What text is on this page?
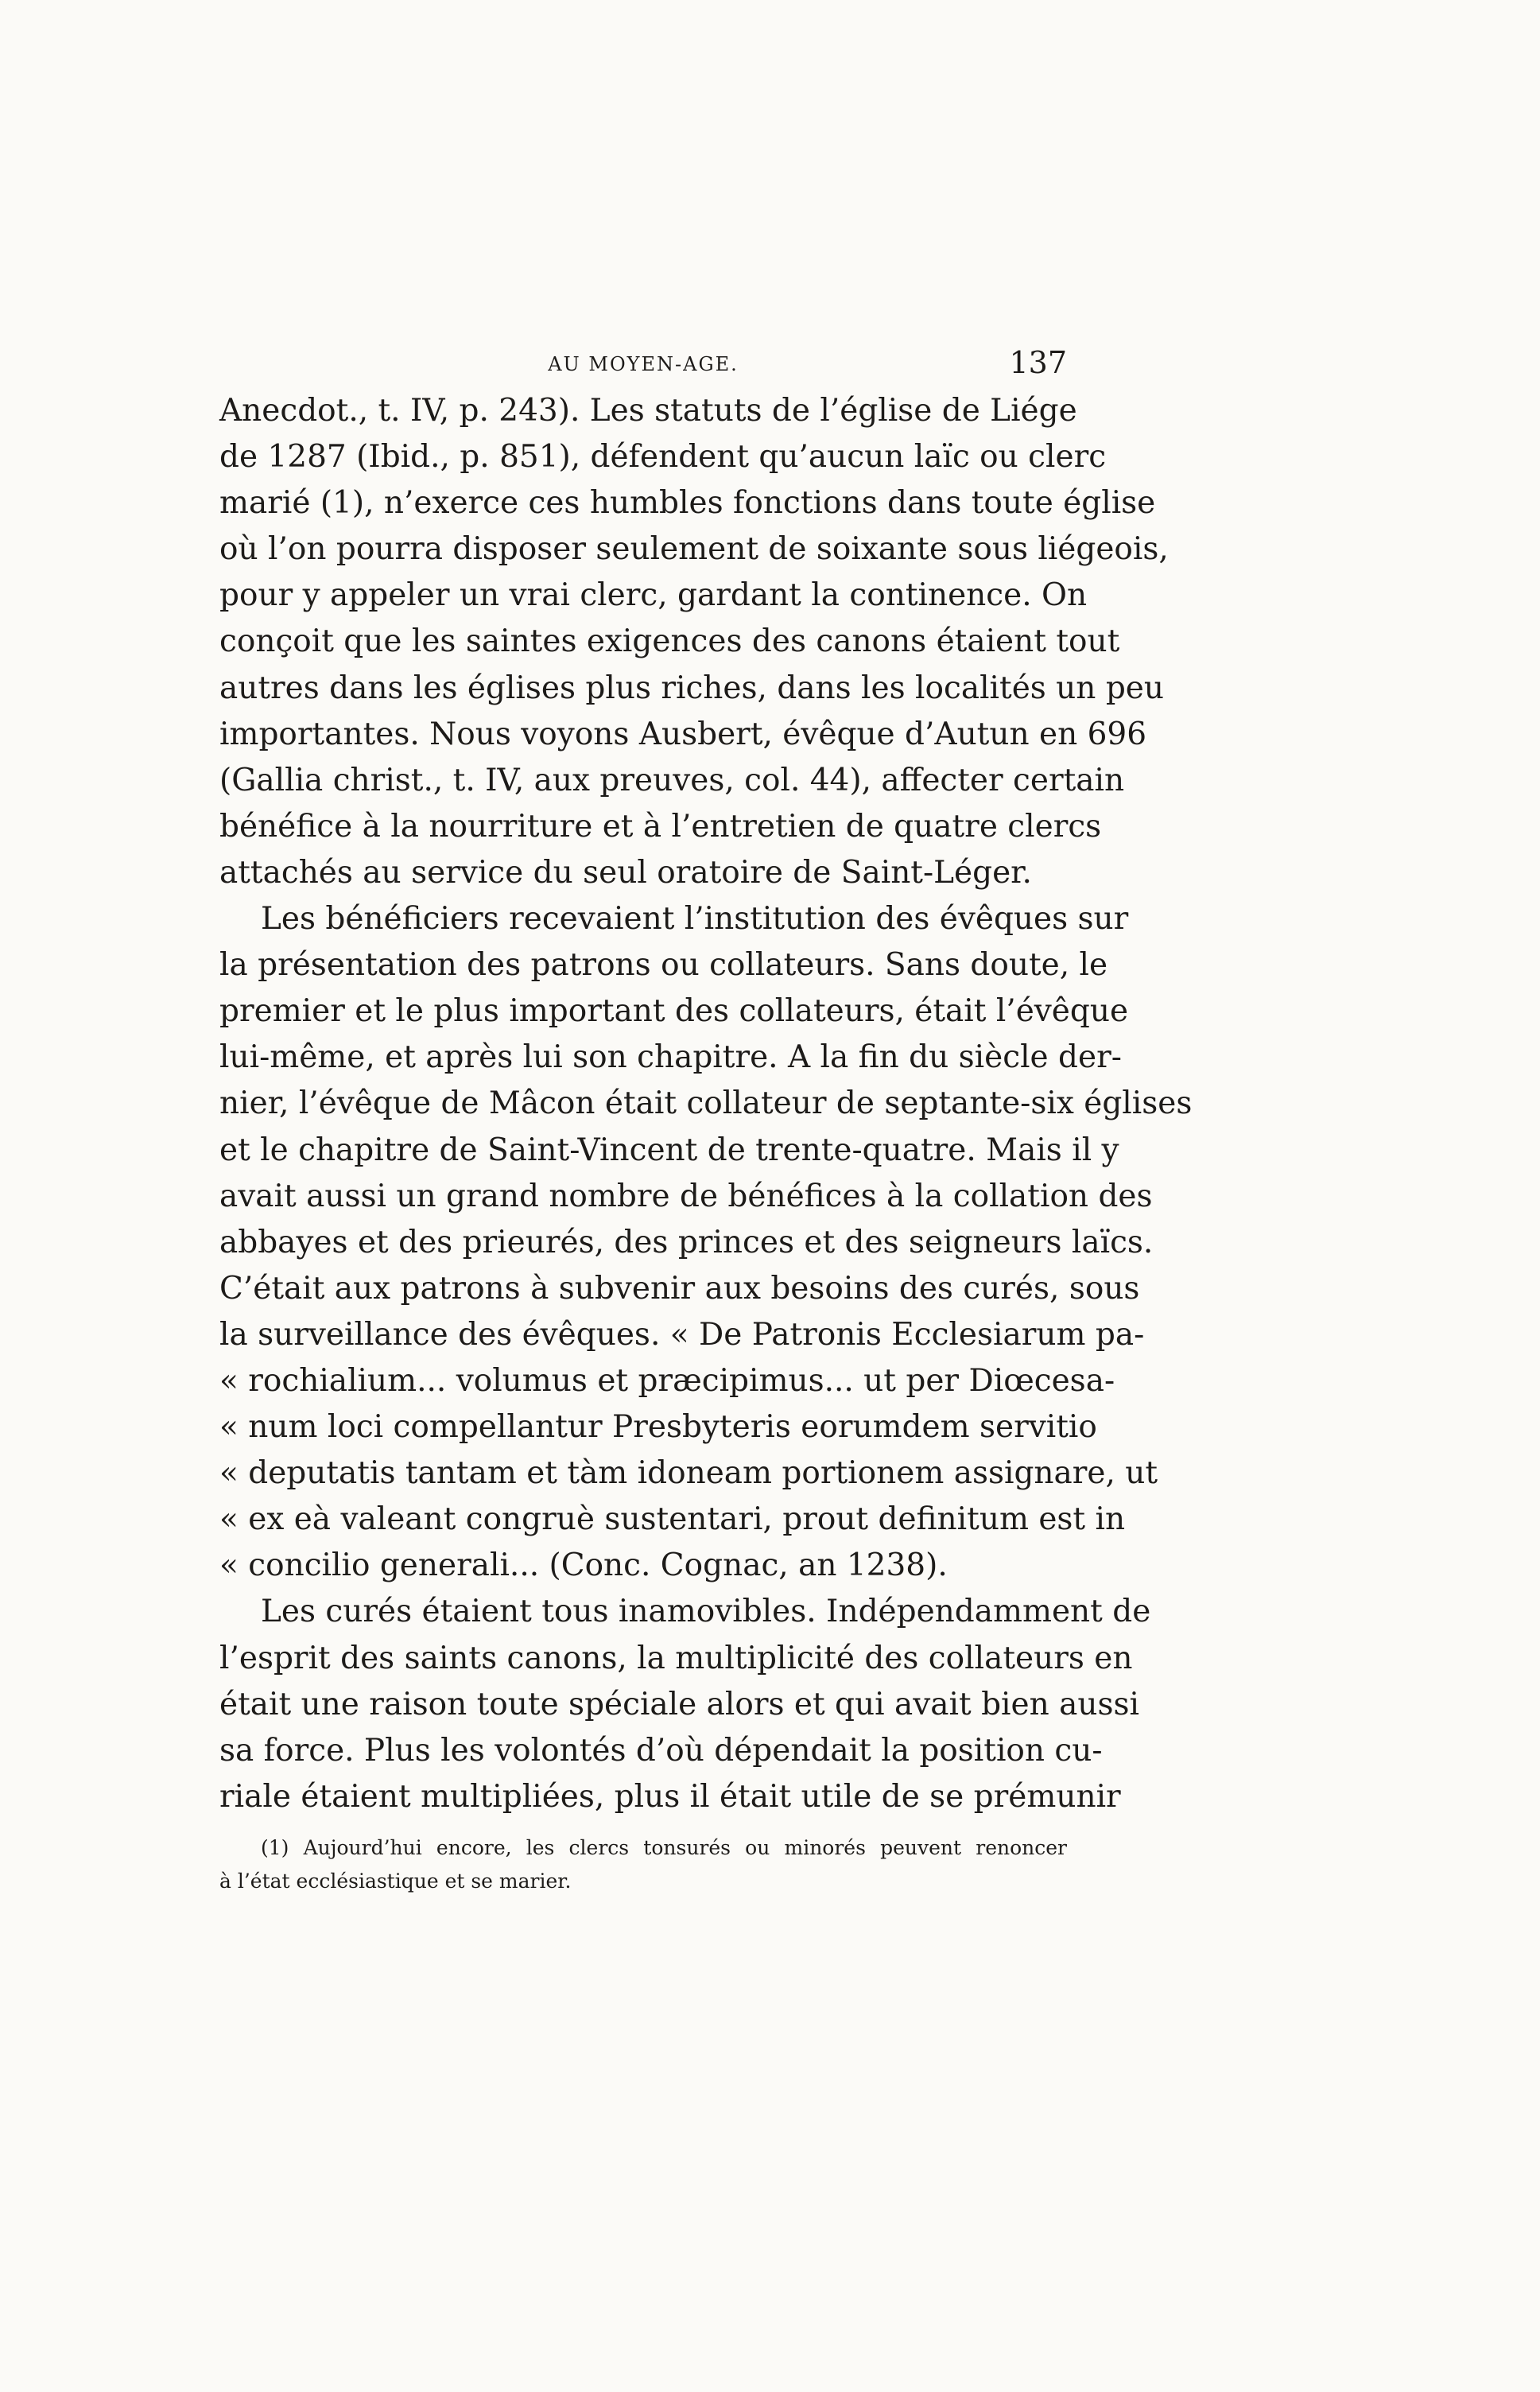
AU MOYEN-AGE.	137
Anecdot., t. IV, p. 243). Les statuts de l’église de Liége
de 1287 (Ibid., p. 851), défendent qu’aucun laïc ou clerc
marié (1), n’exerce ces humbles fonctions dans toute église
où l’on pourra disposer seulement de soixante sous liégeois,
pour y appeler un vrai clerc, gardant la continence. On
conçoit que les saintes exigences des canons étaient tout
autres dans les églises plus riches, dans les localités un peu
importantes. Nous voyons Ausbert, évêque d’Autun en 696
(Gallia christ., t. IV, aux preuves, col. 44), affecter certain
bénéfice à la nourriture et à l’entretien de quatre clercs
attachés au service du seul oratoire de Saint-Léger.
Les bénéficiers recevaient l’institution des évêques sur
la présentation des patrons ou collateurs. Sans doute, le
premier et le plus important des collateurs, était l’évêque
lui-même, et après lui son chapitre. A la fin du siècle der-
nier, l’évêque de Mâcon était collateur de septante-six églises
et le chapitre de Saint-Vincent de trente-quatre. Mais il y
avait aussi un grand nombre de bénéfices à la collation des
abbayes et des prieurés, des princes et des seigneurs laïcs.
C’était aux patrons à subvenir aux besoins des curés, sous
la surveillance des évêques. « De Patronis Ecclesiarum pa-
« rochialium... volumus et præcipimus... ut per Diœcesa-
« num loci compellantur Presbyteris eorumdem servitio
« deputatis tantam et tàm idoneam portionem assignare, ut
« ex eà valeant congruè sustentari, prout definitum est in
« concilio generali... (Conc. Cognac, an 1238).
Les curés étaient tous inamovibles. Indépendamment de
l’esprit des saints canons, la multiplicité des collateurs en
était une raison toute spéciale alors et qui avait bien aussi
sa force. Plus les volontés d’où dépendait la position cu-
riale étaient multipliées, plus il était utile de se prémunir
(1) Aujourd’hui encore, les clercs tonsurés ou minorés peuvent renoncer
à l’état ecclésiastique et se marier.
